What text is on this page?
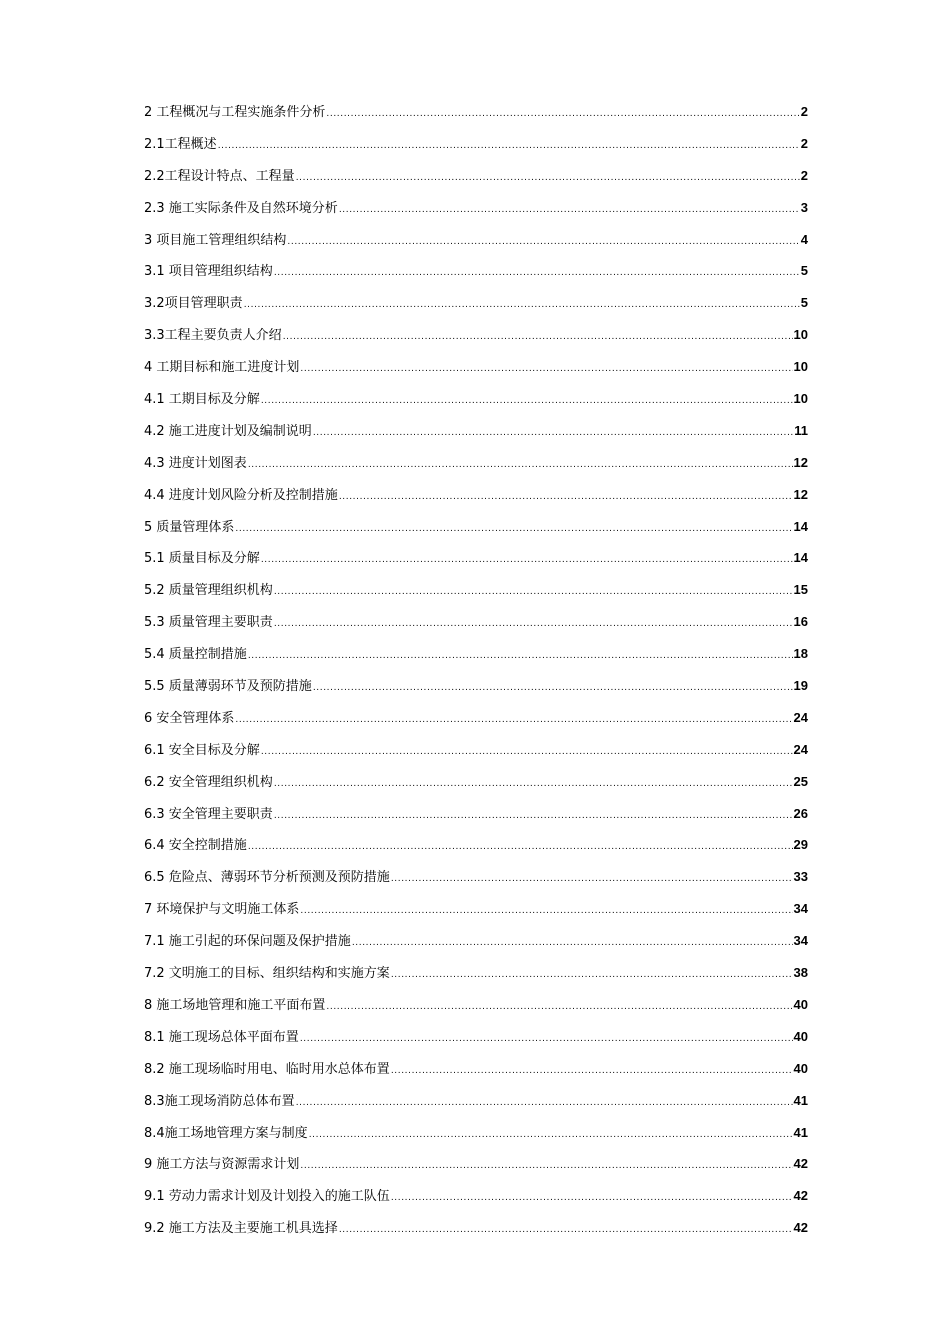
2 工程概况与工程实施条件分析 .....	2
2.1工程概述 .....	2
2.2工程设计特点、工程量 .....	2
2.3 施工实际条件及自然环境分析 .....	3
3 项目施工管理组织结构 .....	4
3.1 项目管理组织结构 .....	5
3.2项目管理职责 .....	5
3.3工程主要负责人介绍 .....	10
4 工期目标和施工进度计划 .....	10
4.1 工期目标及分解 .....	10
4.2 施工进度计划及编制说明 .....	11
4.3 进度计划图表 .....	12
4.4 进度计划风险分析及控制措施 .....	12
5 质量管理体系 .....	14
5.1 质量目标及分解 .....	14
5.2 质量管理组织机构 .....	15
5.3 质量管理主要职责 .....	16
5.4 质量控制措施 .....	18
5.5 质量薄弱环节及预防措施 .....	19
6 安全管理体系 .....	24
6.1 安全目标及分解 .....	24
6.2 安全管理组织机构 .....	25
6.3 安全管理主要职责 .....	26
6.4 安全控制措施 .....	29
6.5 危险点、薄弱环节分析预测及预防措施 .....	33
7 环境保护与文明施工体系 .....	34
7.1 施工引起的环保问题及保护措施 .....	34
7.2 文明施工的目标、组织结构和实施方案 .....	38
8 施工场地管理和施工平面布置 .....	40
8.1 施工现场总体平面布置 .....	40
8.2 施工现场临时用电、临时用水总体布置 .....	40
8.3施工现场消防总体布置 .....	41
8.4施工场地管理方案与制度 .....	41
9 施工方法与资源需求计划 .....	42
9.1 劳动力需求计划及计划投入的施工队伍 .....	42
9.2 施工方法及主要施工机具选择 .....	42
